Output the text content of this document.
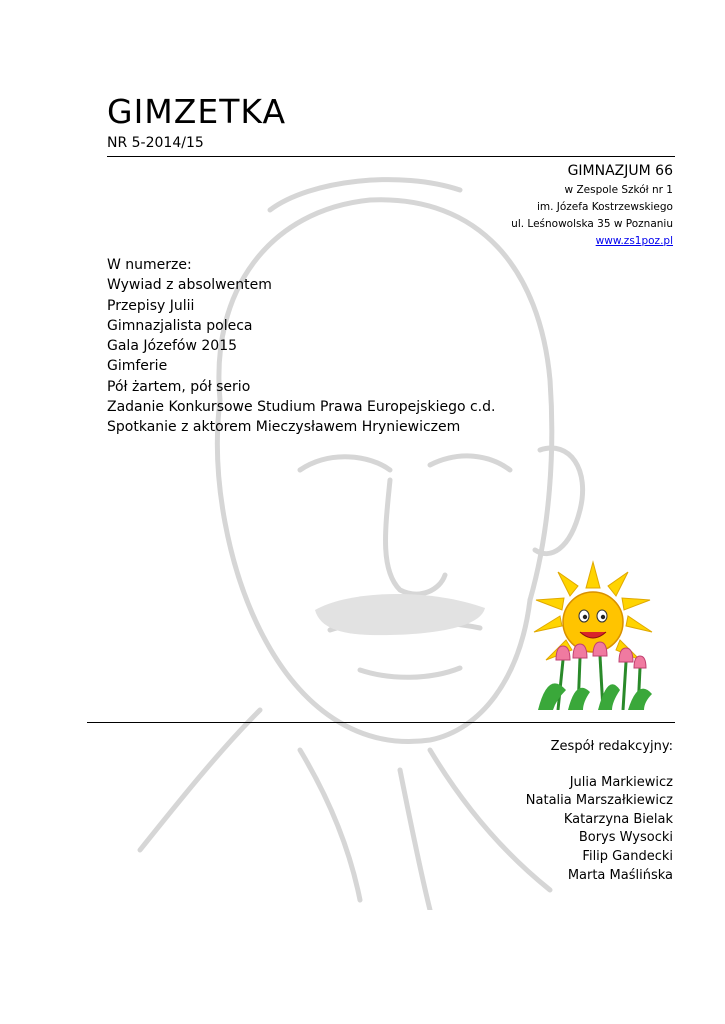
GIMZETKA
NR 5-2014/15
GIMNAZJUM 66
w Zespole Szkół nr 1
im. Józefa Kostrzewskiego
ul. Leśnowolska 35 w Poznaniu
www.zs1poz.pl
W numerze:
Wywiad z absolwentem
Przepisy Julii
Gimnazjalista poleca
Gala Józefów 2015
Gimferie
Pół żartem, pół serio
Zadanie Konkursowe Studium Prawa Europejskiego c.d.
Spotkanie z aktorem Mieczysławem Hryniewiczem
Zespół redakcyjny:
Julia Markiewicz
Natalia Marszałkiewicz
Katarzyna Bielak
Borys Wysocki
Filip Gandecki
Marta Maślińska
